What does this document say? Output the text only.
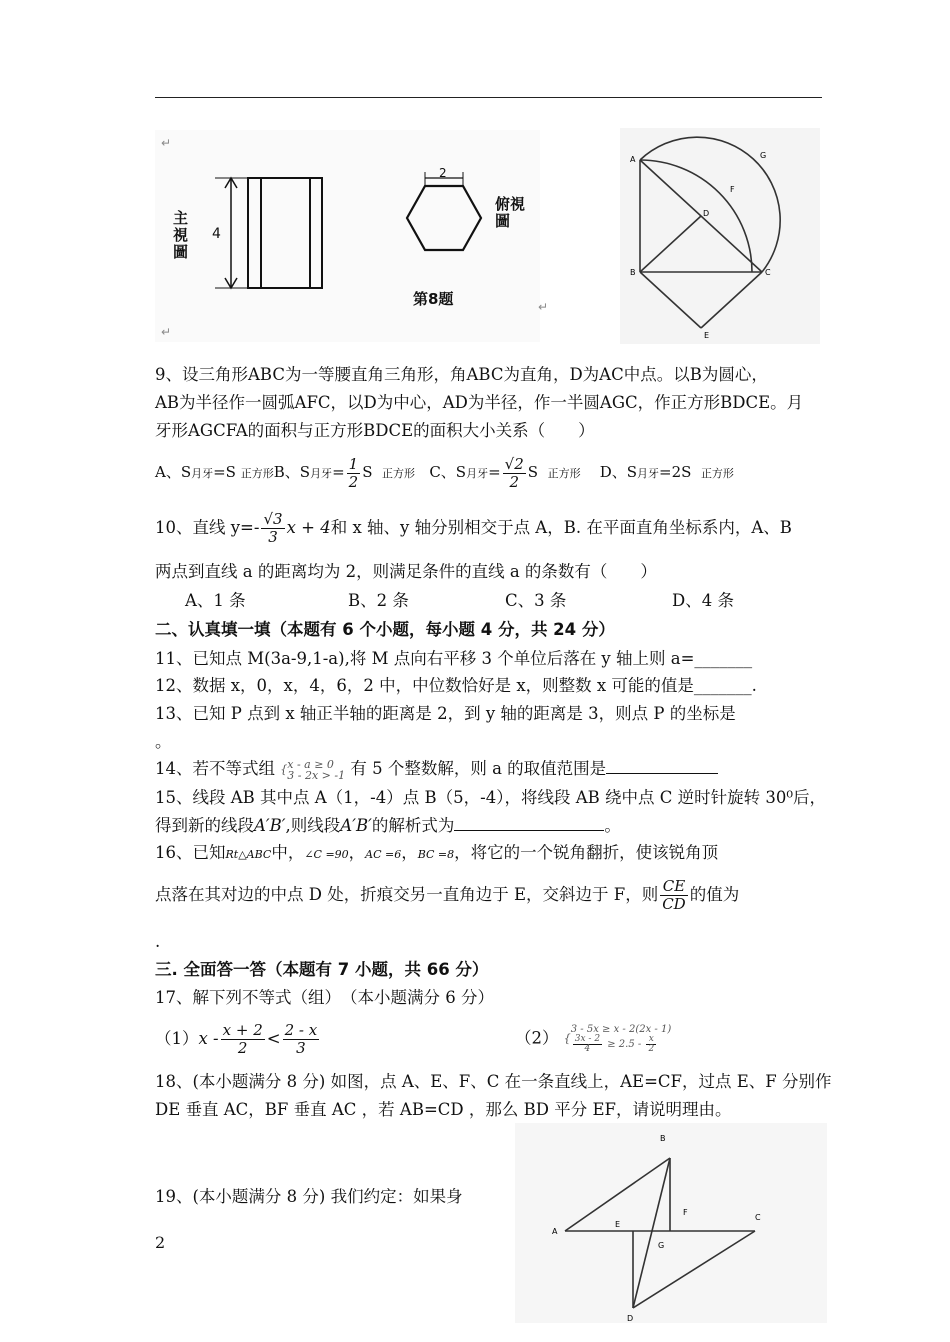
↵
↵
↵
主視
圖
4
2
俯視
圖
第8题
A
B	C
D
E
F
G
9、设三角形ABC为一等腰直角三角形，角ABC为直角，D为AC中点。以B为圆心，
AB为半径作一圆弧AFC，以D为中心，AD为半径，作一半圆AGC，作正方形BDCE。月
牙形AGCFA的面积与正方形BDCE的面积大小关系（　　）
A、S月牙=S 正方形B、S月牙= $\frac{1}{2}$ S 正方形 C、S月牙= $\frac{√2}{2}$ S 正方形 D、S月牙=2S 正方形
10、直线 $y=- \frac{√3}{3}$ x + 4和 x 轴、y 轴分别相交于点 A，B. 在平面直角坐标系内，A、B
两点到直线 a 的距离均为 2，则满足条件的直线 a 的条数有（　　）
A、1 条	B、2 条	C、3 条	D、4 条
二、认真填一填（本题有 6 个小题，每小题 4 分，共 24 分）
11、已知点 M(3a-9,1-a),将 M 点向右平移 3 个单位后落在 y 轴上则 a=_______
12、数据 x，0，x，4，6，2 中，中位数恰好是 x，则整数 x 可能的值是_______.
13、已知 P 点到 x 轴正半轴的距离是 2，到 y 轴的距离是 3，则点 P 的坐标是
。
14、若不等式组 {x - a ≥ 0
3 - 2x > -1 有 5 个整数解，则 a 的取值范围是
15、线段 AB 其中点 A（1，-4）点 B（5，-4），将线段 AB 绕中点 C 逆时针旋转 30⁰后，
得到新的线段A′B′,则线段A′B′的解析式为	。
16、已知Rt△ABC中，∠C =90，AC =6，BC =8，将它的一个锐角翻折，使该锐角顶
点落在其对边的中点 D 处，折痕交另一直角边于 E，交斜边于 F，则 $\frac{CE}{CD}$ 的值为
.
三. 全面答一答（本题有 7 小题，共 66 分）
17、解下列不等式（组）　（本小题满分 6 分）
$(1)x - \frac{x + 2}{2} < \frac{2 - x}{3}$	（2） {3 - 5x ≥ x - 2(2x - 1)

$\frac{3x - 2}{4} \ge 2.5 - \frac{x}{2}$
18、(本小题满分 8 分) 如图，点 A、E、F、C 在一条直线上，AE=CF，过点 E、F 分别作
DE 垂直 AC，BF 垂直 AC ，若 AB=CD ，那么 BD 平分 EF，请说明理由。
A
B
C
D
E
F
G
19、(本小题满分 8 分) 我们约定：如果身
2
